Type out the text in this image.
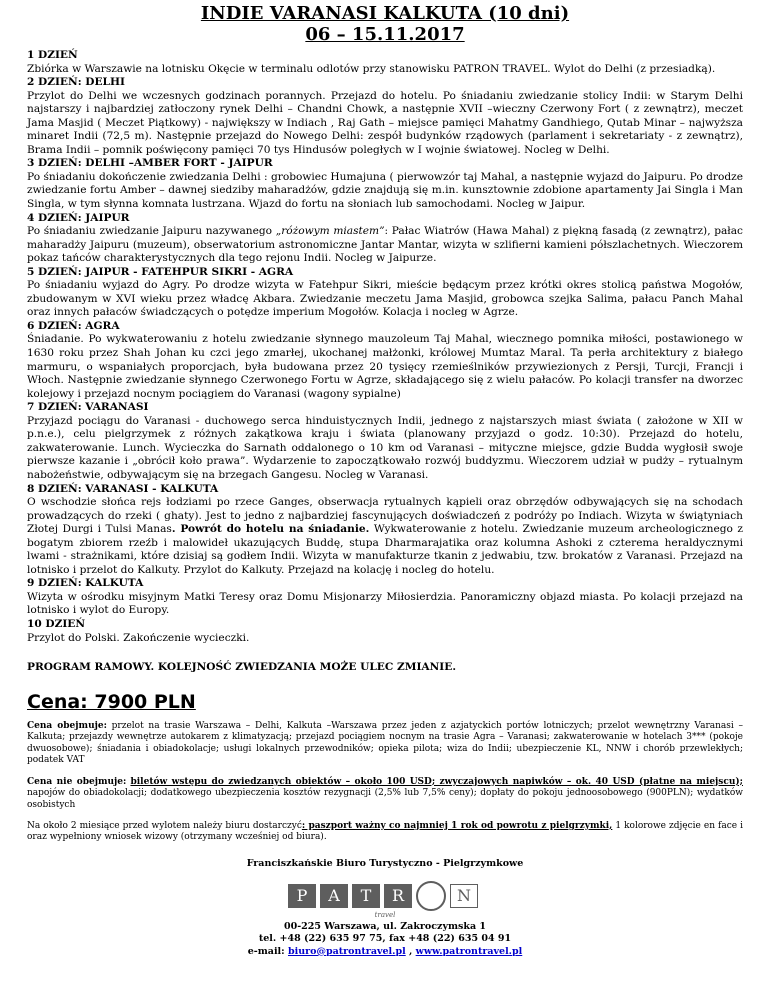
INDIE VARANASI KALKUTA (10 dni)
06 – 15.11.2017

1 DZIEŃ

Zbiórka w Warszawie na lotnisku Okęcie w terminalu odlotów przy stanowisku PATRON TRAVEL. Wylot do Delhi (z przesiadką).

2 DZIEŃ: DELHI

Przylot do Delhi we wczesnych godzinach porannych. Przejazd do hotelu. Po śniadaniu zwiedzanie stolicy Indii: w Starym Delhi najstarszy i najbardziej zatłoczony rynek Delhi – Chandni Chowk, a następnie XVII –wieczny Czerwony Fort ( z zewnątrz), meczet Jama Masjid ( Meczet Piątkowy) - największy w Indiach , Raj Gath – miejsce pamięci Mahatmy Gandhiego, Qutab Minar – najwyższa minaret Indii (72,5 m). Następnie przejazd do Nowego Delhi: zespół budynków rządowych (parlament i sekretariaty - z zewnątrz), Brama Indii – pomnik poświęcony pamięci 70 tys Hindusów poległych w I wojnie światowej. Nocleg w Delhi.

3 DZIEŃ: DELHI –AMBER FORT - JAIPUR

Po śniadaniu dokończenie zwiedzania Delhi : grobowiec Humajuna ( pierwowzór taj Mahal, a następnie wyjazd do Jaipuru. Po drodze zwiedzanie fortu Amber – dawnej siedziby maharadżów, gdzie znajdują się m.in. kunsztownie zdobione apartamenty Jai Singla i Man Singla, w tym słynna komnata lustrzana. Wjazd do fortu na słoniach lub samochodami. Nocleg w Jaipur.

4 DZIEŃ: JAIPUR

Po śniadaniu zwiedzanie Jaipuru nazywanego „różowym miastem”: Pałac Wiatrów (Hawa Mahal) z piękną fasadą (z zewnątrz), pałac maharadży Jaipuru (muzeum), obserwatorium astronomiczne Jantar Mantar, wizyta w szlifierni kamieni półszlachetnych. Wieczorem pokaz tańców charakterystycznych dla tego rejonu Indii. Nocleg w Jaipurze.

5 DZIEŃ: JAIPUR - FATEHPUR SIKRI - AGRA

Po śniadaniu wyjazd do Agry. Po drodze wizyta w Fatehpur Sikri, mieście będącym przez krótki okres stolicą państwa Mogołów, zbudowanym w XVI wieku przez władcę Akbara. Zwiedzanie meczetu Jama Masjid, grobowca szejka Salima, pałacu Panch Mahal oraz innych pałaców świadczących o potędze imperium Mogołów. Kolacja i nocleg w Agrze.

6 DZIEŃ: AGRA

Śniadanie. Po wykwaterowaniu z hotelu zwiedzanie słynnego mauzoleum Taj Mahal, wiecznego pomnika miłości, postawionego w 1630 roku przez Shah Johan ku czci jego zmarłej, ukochanej małżonki, królowej Mumtaz Maral. Ta perła architektury z białego marmuru, o wspaniałych proporcjach, była budowana przez 20 tysięcy rzemieślników przywiezionych z Persji, Turcji, Francji i Włoch. Następnie zwiedzanie słynnego Czerwonego Fortu w Agrze, składającego się z wielu pałaców. Po kolacji transfer na dworzec kolejowy i przejazd nocnym pociągiem do Varanasi (wagony sypialne)

7 DZIEŃ: VARANASI

Przyjazd pociągu do Varanasi - duchowego serca hinduistycznych Indii, jednego z najstarszych miast świata ( założone w XII w p.n.e.), celu pielgrzymek z różnych zakątkowa kraju i świata (planowany przyjazd o godz. 10:30). Przejazd do hotelu, zakwaterowanie. Lunch. Wycieczka do Sarnath oddalonego o 10 km od Varanasi – mityczne miejsce, gdzie Budda wygłosił swoje pierwsze kazanie i „obrócił koło prawa”. Wydarzenie to zapoczątkowało rozwój buddyzmu. Wieczorem udział w pudży – rytualnym nabożeństwie, odbywającym się na brzegach Gangesu. Nocleg w Varanasi.

8 DZIEŃ: VARANASI - KALKUTA

O wschodzie słońca rejs łodziami po rzece Ganges, obserwacja rytualnych kąpieli oraz obrzędów odbywających się na schodach prowadzących do rzeki ( ghaty). Jest to jedno z najbardziej fascynujących doświadczeń z podróży po Indiach. Wizyta w świątyniach Złotej Durgi i Tulsi Manas. Powrót do hotelu na śniadanie. Wykwaterowanie z hotelu. Zwiedzanie muzeum archeologicznego z bogatym zbiorem rzeźb i malowideł ukazujących Buddę, stupa Dharmarajatika oraz kolumna Ashoki z czterema heraldycznymi lwami - strażnikami, które dzisiaj są godłem Indii. Wizyta w manufakturze tkanin z jedwabiu, tzw. brokatów z Varanasi. Przejazd na lotnisko i przelot do Kalkuty. Przylot do Kalkuty. Przejazd na kolację i nocleg do hotelu.

9 DZIEŃ: KALKUTA

Wizyta w ośrodku misyjnym Matki Teresy oraz Domu Misjonarzy Miłosierdzia. Panoramiczny objazd miasta. Po kolacji przejazd na lotnisko i wylot do Europy.

10 DZIEŃ

Przylot do Polski. Zakończenie wycieczki.

PROGRAM RAMOWY. KOLEJNOŚĆ ZWIEDZANIA MOŻE ULEC ZMIANIE.
Cena: 7900 PLN

Cena obejmuje: przelot na trasie Warszawa – Delhi, Kalkuta –Warszawa przez jeden z azjatyckich portów lotniczych; przelot wewnętrzny Varanasi – Kalkuta; przejazdy wewnętrze autokarem z klimatyzacją; przejazd pociągiem nocnym na trasie Agra – Varanasi; zakwaterowanie w hotelach 3*** (pokoje dwuosobowe); śniadania i obiadokolacje; usługi lokalnych przewodników; opieka pilota; wiza do Indii; ubezpieczenie KL, NNW i chorób przewlekłych; podatek VAT

Cena nie obejmuje: biletów wstępu do zwiedzanych obiektów – około 100 USD; zwyczajowych napiwków – ok. 40 USD (płatne na miejscu); napojów do obiadokolacji; dodatkowego ubezpieczenia kosztów rezygnacji (2,5% lub 7,5% ceny); dopłaty do pokoju jednoosobowego (900PLN); wydatków osobistych

Na około 2 miesiące przed wylotem należy biuru dostarczyć: paszport ważny co najmniej 1 rok od powrotu z pielgrzymki, 1 kolorowe zdjęcie en face i oraz wypełniony wniosek wizowy (otrzymany wcześniej od biura).

Franciszkańskie Biuro Turystyczno - Pielgrzymkowe
P	A	T	R	N
travel
00-225 Warszawa, ul. Zakroczymska 1
tel. +48 (22) 635 97 75, fax +48 (22) 635 04 91
e-mail: biuro@patrontravel.pl , www.patrontravel.pl
